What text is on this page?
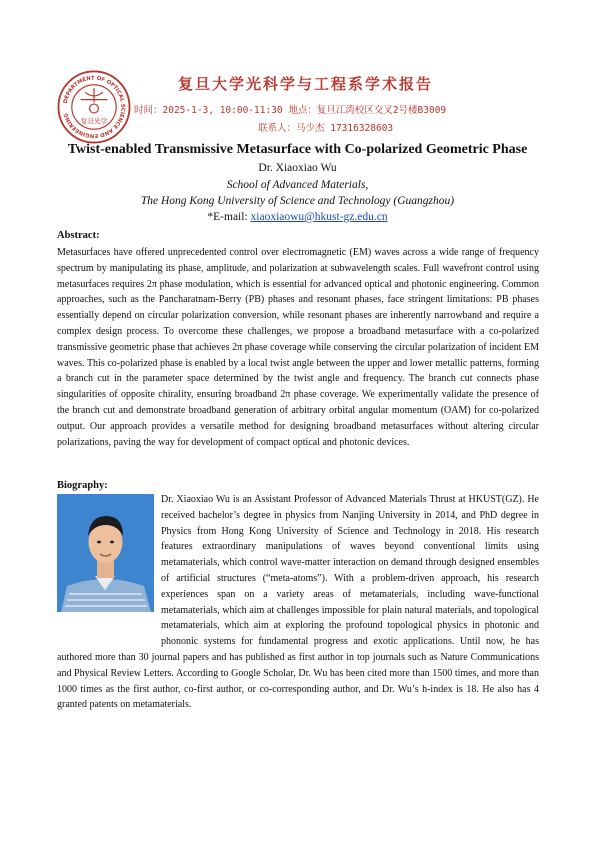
DEPARTMENT OF OPTICAL SCIENCE AND ENGINEERING
复旦光学
复旦大学光科学与工程系学术报告
时间：2025-1-3, 10:00-11:30 地点：复旦江湾校区交叉2号楼B3009
联系人：马少杰 17316328603
Twist-enabled Transmissive Metasurface with Co-polarized Geometric Phase
Dr. Xiaoxiao Wu
School of Advanced Materials,
The Hong Kong University of Science and Technology (Guangzhou)
*E-mail: xiaoxiaowu@hkust-gz.edu.cn
Abstract:

Metasurfaces have offered unprecedented control over electromagnetic (EM) waves across a wide range of frequency spectrum by manipulating its phase, amplitude, and polarization at subwavelength scales. Full wavefront control using metasurfaces requires 2π phase modulation, which is essential for advanced optical and photonic engineering. Common approaches, such as the Pancharatnam-Berry (PB) phases and resonant phases, face stringent limitations: PB phases essentially depend on circular polarization conversion, while resonant phases are inherently narrowband and require a complex design process. To overcome these challenges, we propose a broadband metasurface with a co-polarized transmissive geometric phase that achieves 2π phase coverage while conserving the circular polarization of incident EM waves. This co-polarized phase is enabled by a local twist angle between the upper and lower metallic patterns, forming a branch cut in the parameter space determined by the twist angle and frequency. The branch cut connects phase singularities of opposite chirality, ensuring broadband 2π phase coverage. We experimentally validate the presence of the branch cut and demonstrate broadband generation of arbitrary orbital angular momentum (OAM) for co-polarized output. Our approach provides a versatile method for designing broadband metasurfaces without altering circular polarizations, paving the way for development of compact optical and photonic devices.

Biography:

Dr. Xiaoxiao Wu is an Assistant Professor of Advanced Materials Thrust at HKUST(GZ). He received bachelor’s degree in physics from Nanjing University in 2014, and PhD degree in Physics from Hong Kong University of Science and Technology in 2018. His research features extraordinary manipulations of waves beyond conventional limits using metamaterials, which control wave-matter interaction on demand through designed ensembles of artificial structures (“meta-atoms”). With a problem-driven approach, his research experiences span on a variety areas of metamaterials, including wave-functional metamaterials, which aim at challenges impossible for plain natural materials, and topological metamaterials, which aim at exploring the profound topological physics in photonic and phononic systems for fundamental progress and exotic applications. Until now, he has authored more than 30 journal papers and has published as first author in top journals such as Nature Communications and Physical Review Letters. According to Google Scholar, Dr. Wu has been cited more than 1500 times, and more than 1000 times as the first author, co-first author, or co-corresponding author, and Dr. Wu’s h-index is 18. He also has 4 granted patents on metamaterials.
